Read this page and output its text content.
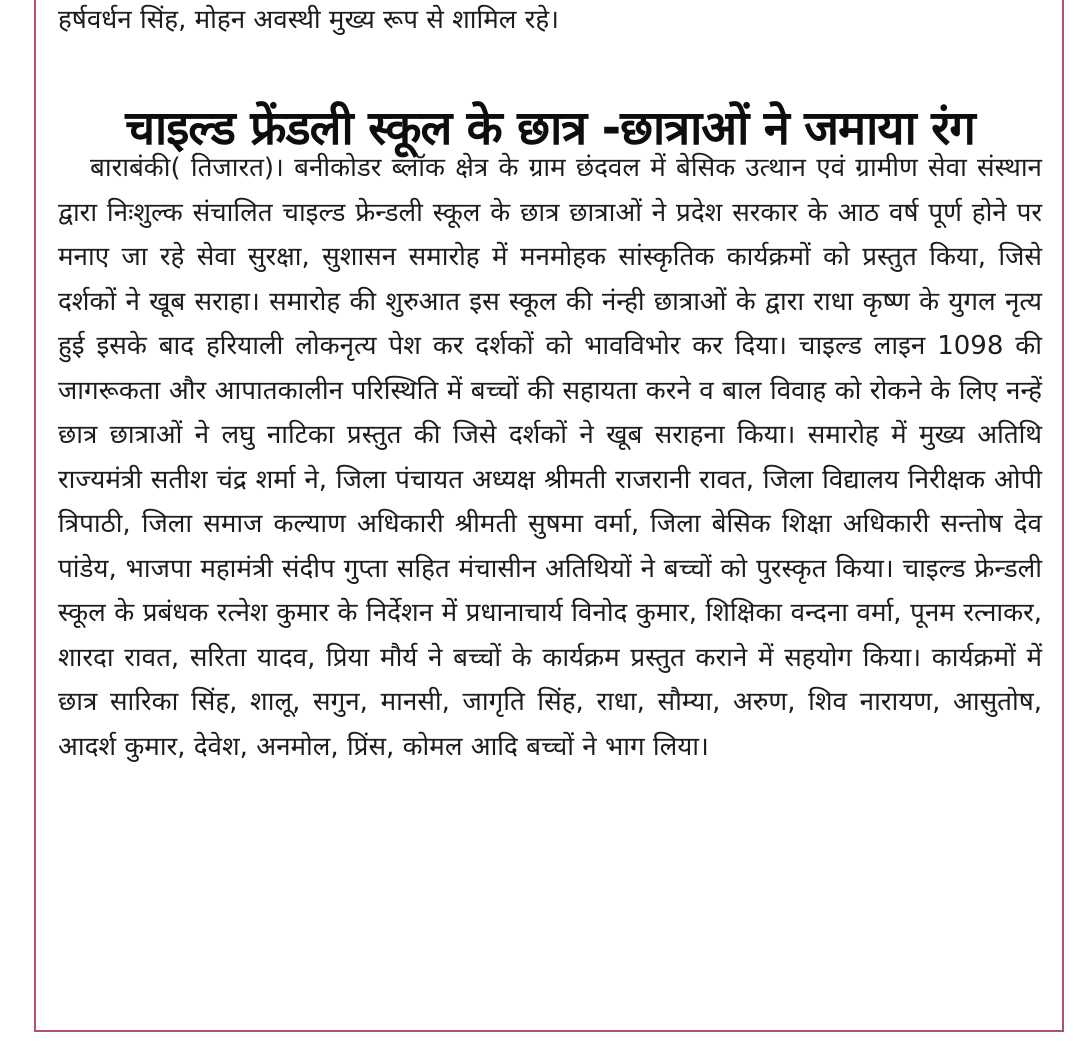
हर्षवर्धन सिंह, मोहन अवस्थी मुख्य रूप से शामिल रहे।
चाइल्ड फ्रेंडली स्कूल के छात्र -छात्राओं ने जमाया रंग

बाराबंकी( तिजारत)। बनीकोडर ब्लॉक क्षेत्र के ग्राम छंदवल में बेसिक उत्थान एवं ग्रामीण सेवा संस्थान द्वारा निःशुल्क संचालित चाइल्ड फ्रेन्डली स्कूल के छात्र छात्राओं ने प्रदेश सरकार के आठ वर्ष पूर्ण होने पर मनाए जा रहे सेवा सुरक्षा, सुशासन समारोह में मनमोहक सांस्कृतिक कार्यक्रमों को प्रस्तुत किया, जिसे दर्शकों ने खूब सराहा। समारोह की शुरुआत इस स्कूल की नंन्ही छात्राओं के द्वारा राधा कृष्ण के युगल नृत्य हुई इसके बाद हरियाली लोकनृत्य पेश कर दर्शकों को भावविभोर कर दिया। चाइल्ड लाइन 1098 की जागरूकता और आपातकालीन परिस्थिति में बच्चों की सहायता करने व बाल विवाह को रोकने के लिए नन्हें छात्र छात्राओं ने लघु नाटिका प्रस्तुत की जिसे दर्शकों ने खूब सराहना किया। समारोह में मुख्य अतिथि राज्यमंत्री सतीश चंद्र शर्मा ने, जिला पंचायत अध्यक्ष श्रीमती राजरानी रावत, जिला विद्यालय निरीक्षक ओपी त्रिपाठी, जिला समाज कल्याण अधिकारी श्रीमती सुषमा वर्मा, जिला बेसिक शिक्षा अधिकारी सन्तोष देव पांडेय, भाजपा महामंत्री संदीप गुप्ता सहित मंचासीन अतिथियों ने बच्चों को पुरस्कृत किया। चाइल्ड फ्रेन्डली स्कूल के प्रबंधक रत्नेश कुमार के निर्देशन में प्रधानाचार्य विनोद कुमार, शिक्षिका वन्दना वर्मा, पूनम रत्नाकर, शारदा रावत, सरिता यादव, प्रिया मौर्य ने बच्चों के कार्यक्रम प्रस्तुत कराने में सहयोग किया। कार्यक्रमों में छात्र सारिका सिंह, शालू, सगुन, मानसी, जागृति सिंह, राधा, सौम्या, अरुण, शिव नारायण, आसुतोष, आदर्श कुमार, देवेश, अनमोल, प्रिंस, कोमल आदि बच्चों ने भाग लिया।
